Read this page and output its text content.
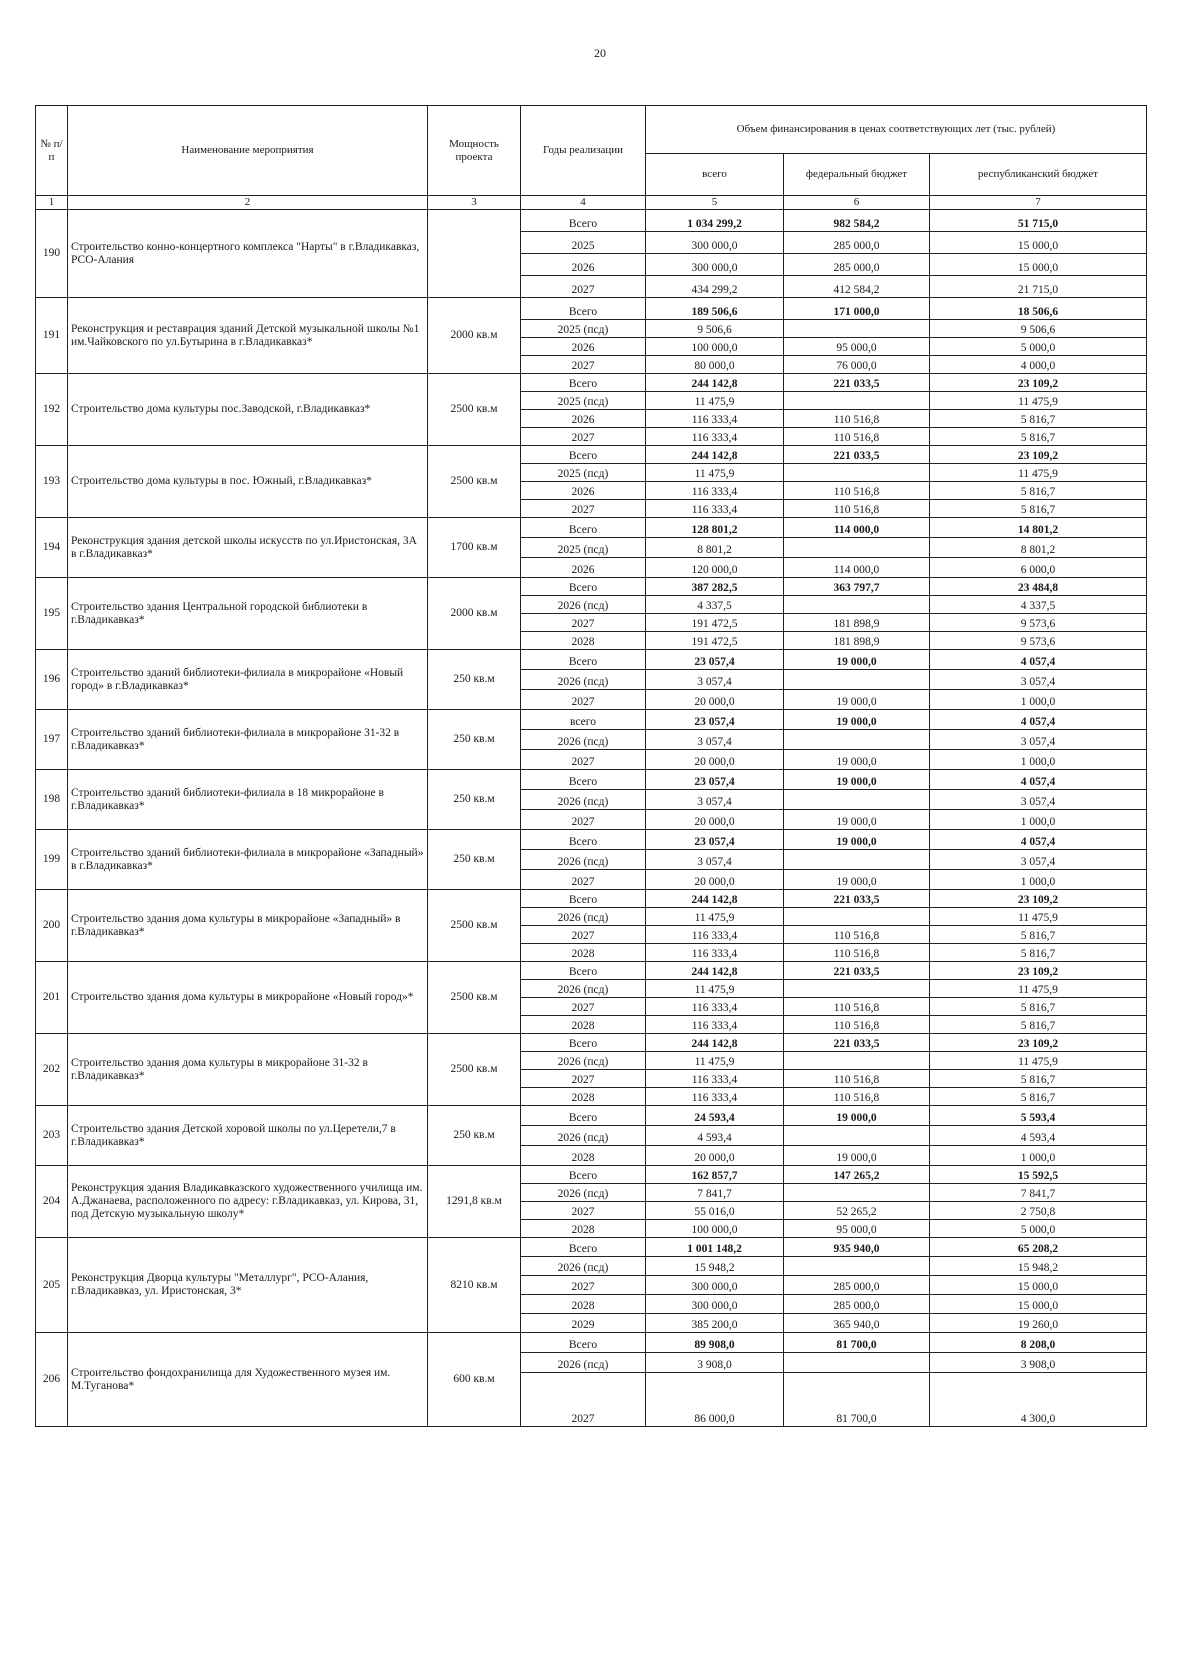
20
№ п/п	Наименование мероприятия	Мощность проекта	Годы реализации	Объем финансирования в ценах соответствующих лет (тыс. рублей)		
				всего	федеральный бюджет	республиканский бюджет
1	2	3	4	5	6	7
190	Строительство конно-концертного комплекса "Нарты" в г.Владикавказ, РСО-Алания		Всего	1 034 299,2	982 584,2	51 715,0
			2025	300 000,0	285 000,0	15 000,0
			2026	300 000,0	285 000,0	15 000,0
			2027	434 299,2	412 584,2	21 715,0
191	Реконструкция и реставрация зданий Детской музыкальной школы №1 им.Чайковского по ул.Бутырина в г.Владикавказ*	2000 кв.м	Всего	189 506,6	171 000,0	18 506,6
			2025 (псд)	9 506,6		9 506,6
			2026	100 000,0	95 000,0	5 000,0
			2027	80 000,0	76 000,0	4 000,0
192	Строительство дома культуры пос.Заводской, г.Владикавказ*	2500 кв.м	Всего	244 142,8	221 033,5	23 109,2
			2025 (псд)	11 475,9		11 475,9
			2026	116 333,4	110 516,8	5 816,7
			2027	116 333,4	110 516,8	5 816,7
193	Строительство дома культуры в пос. Южный, г.Владикавказ*	2500 кв.м	Всего	244 142,8	221 033,5	23 109,2
			2025 (псд)	11 475,9		11 475,9
			2026	116 333,4	110 516,8	5 816,7
			2027	116 333,4	110 516,8	5 816,7
194	Реконструкция здания детской школы искусств по ул.Иристонская, 3А в г.Владикавказ*	1700 кв.м	Всего	128 801,2	114 000,0	14 801,2
			2025 (псд)	8 801,2		8 801,2
			2026	120 000,0	114 000,0	6 000,0
195	Строительство здания Центральной городской библиотеки в г.Владикавказ*	2000 кв.м	Всего	387 282,5	363 797,7	23 484,8
			2026 (псд)	4 337,5		4 337,5
			2027	191 472,5	181 898,9	9 573,6
			2028	191 472,5	181 898,9	9 573,6
196	Строительство зданий библиотеки-филиала в микрорайоне «Новый город» в г.Владикавказ*	250 кв.м	Всего	23 057,4	19 000,0	4 057,4
			2026 (псд)	3 057,4		3 057,4
			2027	20 000,0	19 000,0	1 000,0
197	Строительство зданий библиотеки-филиала в микрорайоне 31-32 в г.Владикавказ*	250 кв.м	всего	23 057,4	19 000,0	4 057,4
			2026 (псд)	3 057,4		3 057,4
			2027	20 000,0	19 000,0	1 000,0
198	Строительство зданий библиотеки-филиала в 18 микрорайоне в г.Владикавказ*	250 кв.м	Всего	23 057,4	19 000,0	4 057,4
			2026 (псд)	3 057,4		3 057,4
			2027	20 000,0	19 000,0	1 000,0
199	Строительство зданий библиотеки-филиала в микрорайоне «Западный» в г.Владикавказ*	250 кв.м	Всего	23 057,4	19 000,0	4 057,4
			2026 (псд)	3 057,4		3 057,4
			2027	20 000,0	19 000,0	1 000,0
200	Строительство здания дома культуры в микрорайоне «Западный» в г.Владикавказ*	2500 кв.м	Всего	244 142,8	221 033,5	23 109,2
			2026 (псд)	11 475,9		11 475,9
			2027	116 333,4	110 516,8	5 816,7
			2028	116 333,4	110 516,8	5 816,7
201	Строительство здания дома культуры в микрорайоне «Новый город»*	2500 кв.м	Всего	244 142,8	221 033,5	23 109,2
			2026 (псд)	11 475,9		11 475,9
			2027	116 333,4	110 516,8	5 816,7
			2028	116 333,4	110 516,8	5 816,7
202	Строительство здания дома культуры в микрорайоне 31-32 в г.Владикавказ*	2500 кв.м	Всего	244 142,8	221 033,5	23 109,2
			2026 (псд)	11 475,9		11 475,9
			2027	116 333,4	110 516,8	5 816,7
			2028	116 333,4	110 516,8	5 816,7
203	Строительство здания Детской хоровой школы по ул.Церетели,7 в г.Владикавказ*	250 кв.м	Всего	24 593,4	19 000,0	5 593,4
			2026 (псд)	4 593,4		4 593,4
			2028	20 000,0	19 000,0	1 000,0
204	Реконструкция здания Владикавказского художественного училища им. А.Джанаева, расположенного по адресу: г.Владикавказ, ул. Кирова, 31, под Детскую музыкальную школу*	1291,8 кв.м	Всего	162 857,7	147 265,2	15 592,5
			2026 (псд)	7 841,7		7 841,7
			2027	55 016,0	52 265,2	2 750,8
			2028	100 000,0	95 000,0	5 000,0
205	Реконструкция Дворца культуры "Металлург", РСО-Алания, г.Владикавказ, ул. Иристонская, 3*	8210 кв.м	Всего	1 001 148,2	935 940,0	65 208,2
			2026 (псд)	15 948,2		15 948,2
			2027	300 000,0	285 000,0	15 000,0
			2028	300 000,0	285 000,0	15 000,0
			2029	385 200,0	365 940,0	19 260,0
206	Строительство фондохранилища для Художественного музея им. М.Туганова*	600 кв.м	Всего	89 908,0	81 700,0	8 208,0
			2026 (псд)	3 908,0		3 908,0
			2027	86 000,0	81 700,0	4 300,0
